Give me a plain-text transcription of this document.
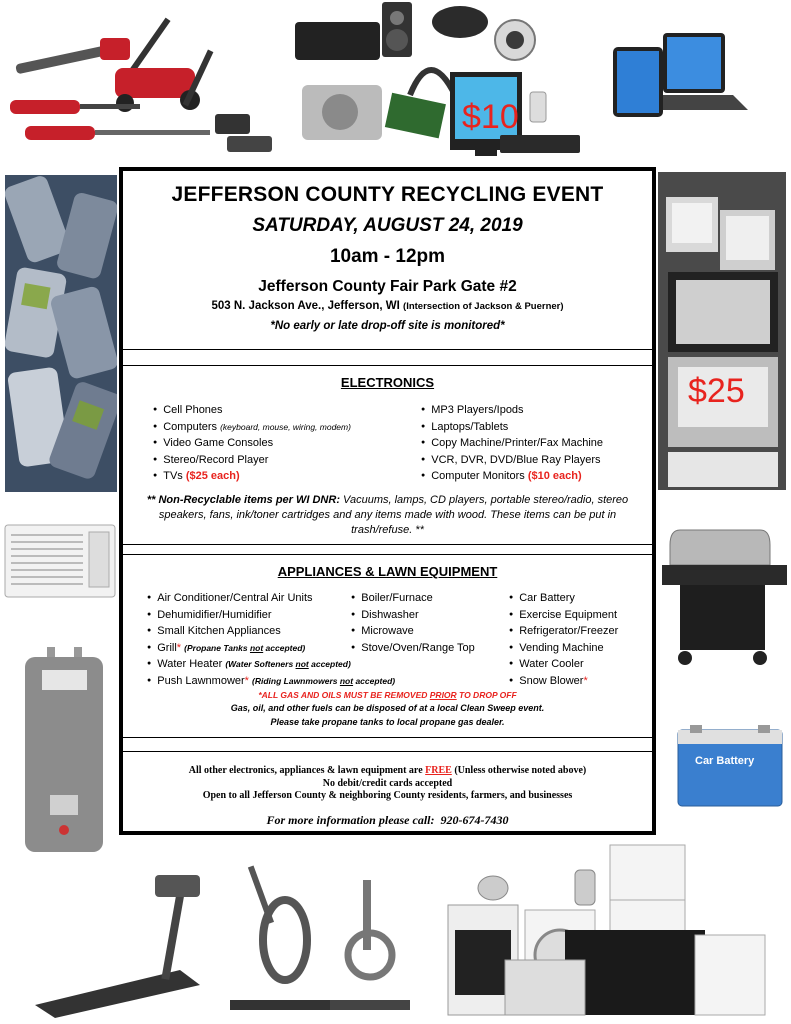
$10
$25
Car Battery
JEFFERSON COUNTY RECYCLING EVENT
SATURDAY, AUGUST 24, 2019
10am - 12pm
Jefferson County Fair Park Gate #2
503 N. Jackson Ave., Jefferson, WI (Intersection of Jackson & Puerner)
*No early or late drop-off site is monitored*
ELECTRONICS
● Cell Phones
● Computers (keyboard, mouse, wiring, modem)
● Video Game Consoles
● Stereo/Record Player
● TVs ($25 each)
● MP3 Players/Ipods
● Laptops/Tablets
● Copy Machine/Printer/Fax Machine
● VCR, DVR, DVD/Blue Ray Players
● Computer Monitors ($10 each)
** Non-Recyclable items per WI DNR: Vacuums, lamps, CD players, portable stereo/radio, stereo speakers, fans, ink/toner cartridges and any items made with wood. These items can be put in trash/refuse. **
APPLIANCES & LAWN EQUIPMENT
● Air Conditioner/Central Air Units
● Dehumidifier/Humidifier
● Small Kitchen Appliances
● Grill* (Propane Tanks not accepted)
● Water Heater (Water Softeners not accepted)
● Push Lawnmower* (Riding Lawnmowers not accepted)
● Boiler/Furnace
● Dishwasher
● Microwave
● Stove/Oven/Range Top
● Car Battery
● Exercise Equipment
● Refrigerator/Freezer
● Vending Machine
● Water Cooler
● Snow Blower*
*ALL GAS AND OILS MUST BE REMOVED PRIOR TO DROP OFF
Gas, oil, and other fuels can be disposed of at a local Clean Sweep event.
Please take propane tanks to local propane gas dealer.
All other electronics, appliances & lawn equipment are FREE (Unless otherwise noted above)
No debit/credit cards accepted
Open to all Jefferson County & neighboring County residents, farmers, and businesses
For more information please call: 920-674-7430
